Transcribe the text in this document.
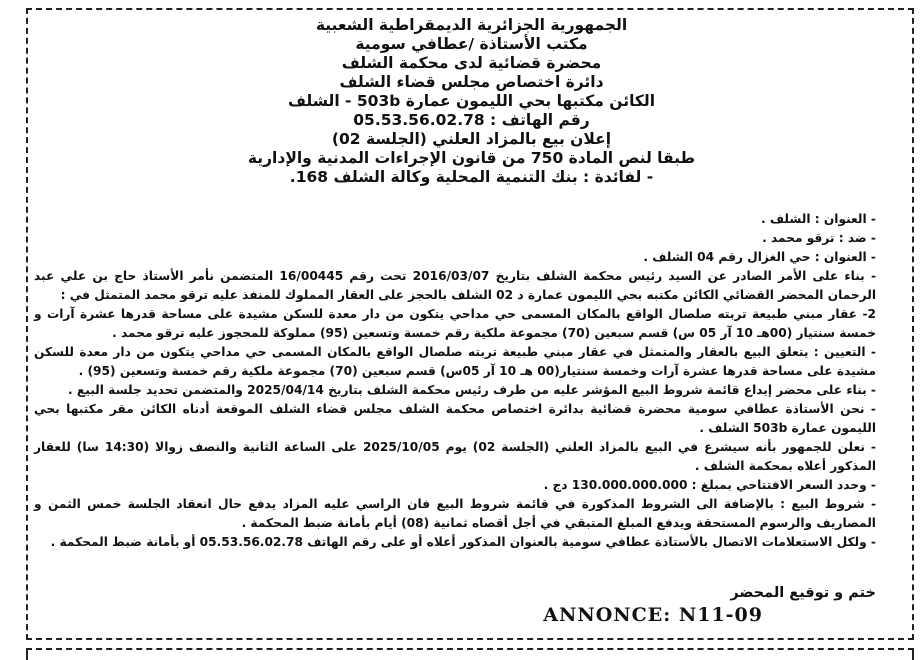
الجمهورية الجزائرية الديمقراطية الشعبية
مكتب الأستاذة /عطافي سومية
محضرة قضائية لدى محكمة الشلف
دائرة اختصاص مجلس قضاء الشلف
الكائن مكتبها بحي الليمون عمارة 503b - الشلف
رقم الهاتف : 05.53.56.02.78
إعلان بيع بالمزاد العلني (الجلسة 02)
طبقا لنص المادة 750 من قانون الإجراءات المدنية والإدارية
- لفائدة : بنك التنمية المحلية وكالة الشلف 168.

- العنوان : الشلف .

- ضد : ترقو محمد .

- العنوان : حي الغزال رقم 04 الشلف .

- بناء على الأمر الصادر عن السيد رئيس محكمة الشلف بتاريخ 2016/03/07 تحت رقم 16/00445 المتضمن نأمر الأستاذ حاج بن علي عبد الرحمان المحضر القضائي الكائن مكتبه بحي الليمون عمارة د 02 الشلف بالحجز على العقار المملوك للمنفذ عليه ترقو محمد المتمثل في :

2- عقار مبني طبيعة تربته صلصال الواقع بالمكان المسمى حي مداحي يتكون من دار معدة للسكن مشيدة على مساحة قدرها عشرة آرات و خمسة سنتيار (00هـ 10 آر 05 س) قسم سبعين (70) مجموعة ملكية رقم خمسة وتسعين (95) مملوكة للمحجوز عليه ترقو محمد .

- التعيين : يتعلق البيع بالعقار والمتمثل في عقار مبني طبيعة تربته صلصال الواقع بالمكان المسمى حي مداحي يتكون من دار معدة للسكن مشيدة على مساحة قدرها عشرة آرات وخمسة سنتيار(00 هـ 10 آر 05س) قسم سبعين (70) مجموعة ملكية رقم خمسة وتسعين (95) .

- بناء على محضر إيداع قائمة شروط البيع المؤشر عليه من طرف رئيس محكمة الشلف بتاريخ 2025/04/14 والمتضمن تحديد جلسة البيع .

- نحن الأستاذة عطافي سومية محضرة قضائية بدائرة اختصاص محكمة الشلف مجلس قضاء الشلف الموقعة أدناه الكائن مقر مكتبها بحي الليمون عمارة 503b الشلف .

- نعلن للجمهور بأنه سيشرع في البيع بالمزاد العلني (الجلسة 02) يوم 2025/10/05 على الساعة الثانية والنصف زوالا (14:30 سا) للعقار المذكور أعلاه بمحكمة الشلف .

- وحدد السعر الافتتاحي بمبلغ : 130.000.000.000 دج .

- شروط البيع : بالإضافة الى الشروط المذكورة في قائمة شروط البيع فان الراسي عليه المزاد يدفع حال انعقاد الجلسة خمس الثمن و المصاريف والرسوم المستحقة ويدفع المبلغ المتبقي في أجل أقصاه ثمانية (08) أيام بأمانة ضبط المحكمة .

- ولكل الاستعلامات الاتصال بالأستاذة عطافي سومية بالعنوان المذكور أعلاه أو على رقم الهاتف 05.53.56.02.78 أو بأمانة ضبط المحكمة .

ختم و توقيع المحضر
ANNONCE: N11-09
